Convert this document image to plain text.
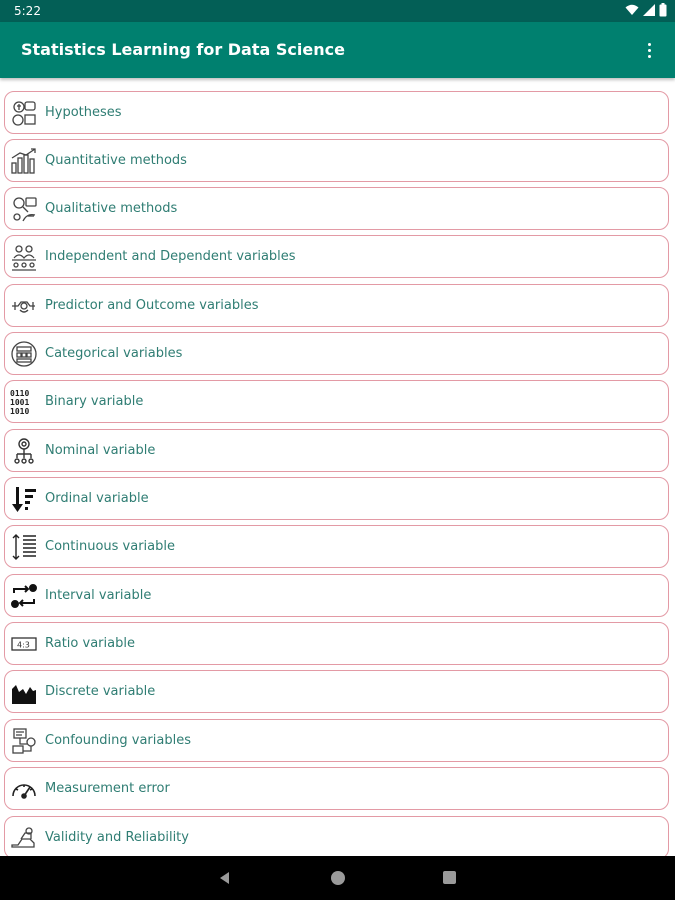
5:22
Statistics Learning for Data Science
Hypotheses
Quantitative methods
Qualitative methods
Independent and Dependent variables
Predictor and Outcome variables
Categorical variables
0110
1001
1010
Binary variable
Nominal variable
Ordinal variable
Continuous variable
Interval variable
4:3 Ratio variable
Discrete variable
Confounding variables
Measurement error
Validity and Reliability
